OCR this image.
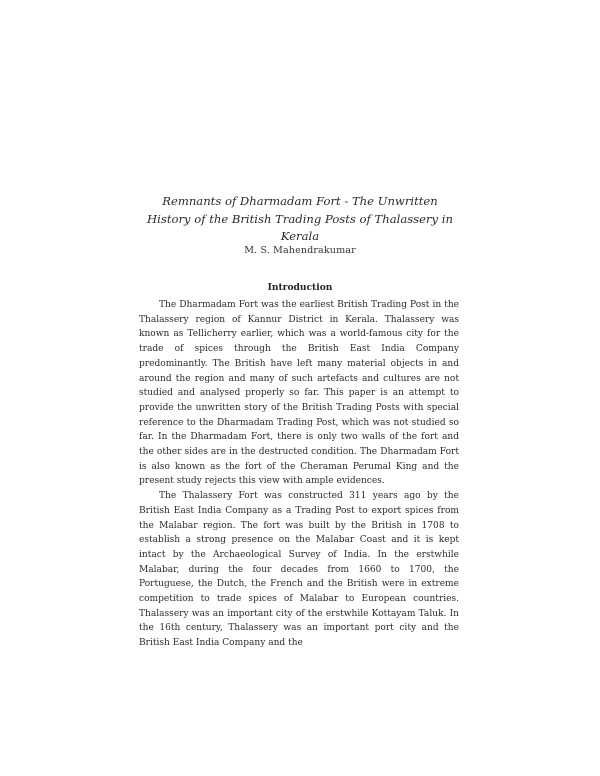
Remnants of Dharmadam Fort - The Unwritten History of the British Trading Posts of Thalassery in Kerala
M. S. Mahendrakumar
Introduction

The Dharmadam Fort was the earliest British Trading Post in the Thalassery region of Kannur District in Kerala. Thalassery was known as Tellicherry earlier, which was a world-famous city for the trade of spices through the British East India Company predominantly. The British have left many material objects in and around the region and many of such artefacts and cultures are not studied and analysed properly so far. This paper is an attempt to provide the unwritten story of the British Trading Posts with special reference to the Dharmadam Trading Post, which was not studied so far. In the Dharmadam Fort, there is only two walls of the fort and the other sides are in the destructed condition. The Dharmadam Fort is also known as the fort of the Cheraman Perumal King and the present study rejects this view with ample evidences.

The Thalassery Fort was constructed 311 years ago by the British East India Company as a Trading Post to export spices from the Malabar region. The fort was built by the British in 1708 to establish a strong presence on the Malabar Coast and it is kept intact by the Archaeological Survey of India. In the erstwhile Malabar, during the four decades from 1660 to 1700, the Portuguese, the Dutch, the French and the British were in extreme competition to trade spices of Malabar to European countries. Thalassery was an important city of the erstwhile Kottayam Taluk. In the 16th century, Thalassery was an important port city and the British East India Company and the
